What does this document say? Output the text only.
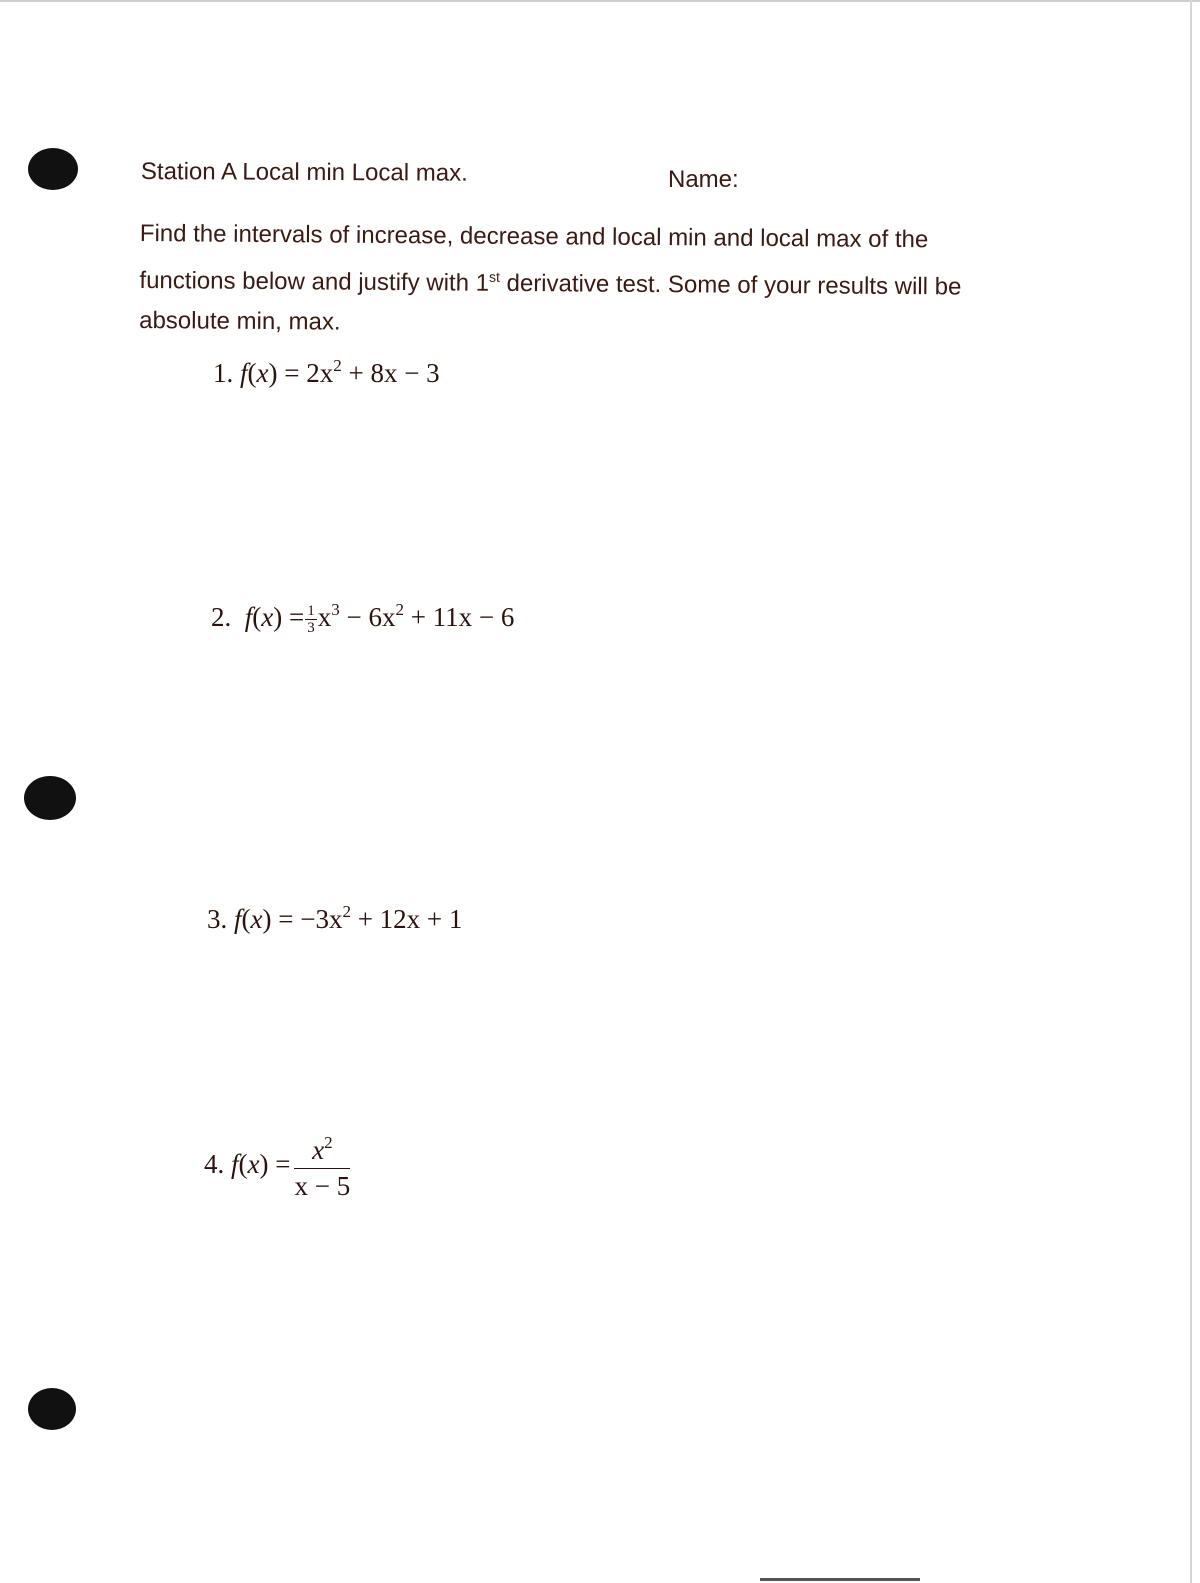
Station A Local min Local max.	Name:
Find the intervals of increase, decrease and local min and local max of the
functions below and justify with 1st derivative test. Some of your results will be
absolute min, max.
1. $f(x) = 2x^2 + 8x - 3$
2. $f(x) = \frac{1}{3} x^3 - 6x^2 + 11x - 6$
3. $f(x) = -3x^2 + 12x + 1$
4. $f(x) = \frac{x^2}{x - 5}$
